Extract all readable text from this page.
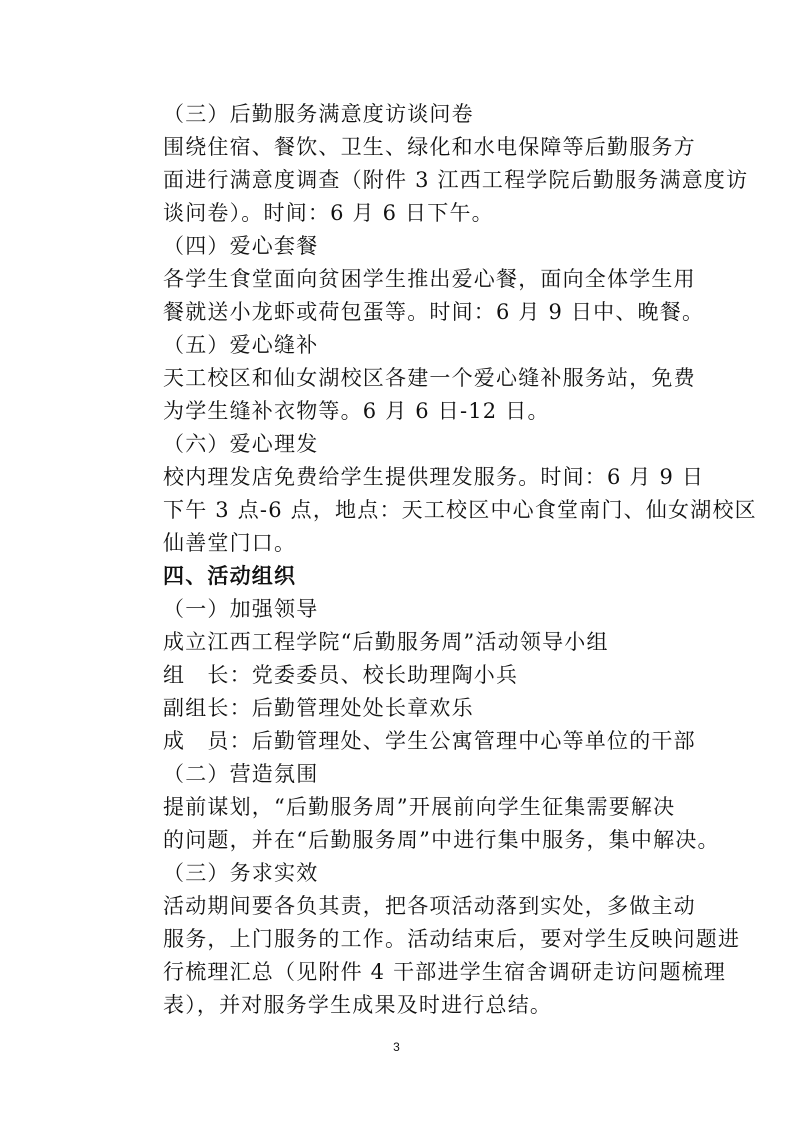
（三）后勤服务满意度访谈问卷
围绕住宿、餐饮、卫生、绿化和水电保障等后勤服务方
面进行满意度调查（附件 3 江西工程学院后勤服务满意度访
谈问卷）。时间：6 月 6 日下午。
（四）爱心套餐
各学生食堂面向贫困学生推出爱心餐，面向全体学生用
餐就送小龙虾或荷包蛋等。时间：6 月 9 日中、晚餐。
（五）爱心缝补
天工校区和仙女湖校区各建一个爱心缝补服务站，免费
为学生缝补衣物等。6 月 6 日-12 日。
（六）爱心理发
校内理发店免费给学生提供理发服务。时间：6 月 9 日
下午 3 点-6 点，地点：天工校区中心食堂南门、仙女湖校区
仙善堂门口。
四、活动组织
（一）加强领导
成立江西工程学院“后勤服务周”活动领导小组
组　长：党委委员、校长助理陶小兵
副组长：后勤管理处处长章欢乐
成　员：后勤管理处、学生公寓管理中心等单位的干部
（二）营造氛围
提前谋划，“后勤服务周”开展前向学生征集需要解决
的问题，并在“后勤服务周”中进行集中服务，集中解决。
（三）务求实效
活动期间要各负其责，把各项活动落到实处，多做主动
服务，上门服务的工作。活动结束后，要对学生反映问题进
行梳理汇总（见附件 4 干部进学生宿舍调研走访问题梳理
表），并对服务学生成果及时进行总结。
3
